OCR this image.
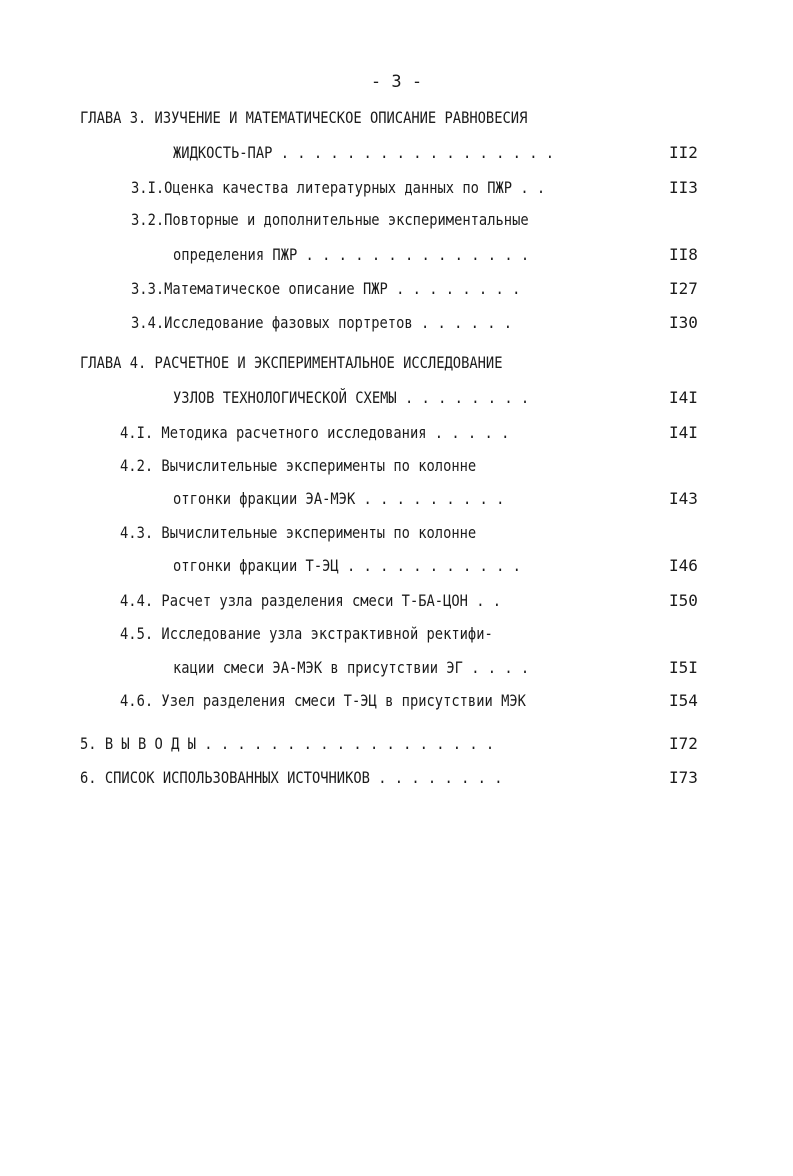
- 3 -
ГЛАВА 3. ИЗУЧЕНИЕ И МАТЕМАТИЧЕСКОЕ ОПИСАНИЕ РАВНОВЕСИЯ
ЖИДКОСТЬ-ПАР . . . . . . . . . . . . . . . . .	II2
3.I.Оценка качества литературных данных по ПЖР . .	II3
3.2.Повторные и дополнительные экспериментальные
определения ПЖР . . . . . . . . . . . . . .	II8
3.3.Математическое описание ПЖР . . . . . . . .	I27
3.4.Исследование фазовых портретов . . . . . .	I30
ГЛАВА 4. РАСЧЕТНОЕ И ЭКСПЕРИМЕНТАЛЬНОЕ ИССЛЕДОВАНИЕ
УЗЛОВ ТЕХНОЛОГИЧЕСКОЙ СХЕМЫ . . . . . . . .	I4I
4.I. Методика расчетного исследования . . . . .	I4I
4.2. Вычислительные эксперименты по колонне
отгонки фракции ЭА-МЭК . . . . . . . . .	I43
4.3. Вычислительные эксперименты по колонне
отгонки фракции Т-ЭЦ . . . . . . . . . . .	I46
4.4. Расчет узла разделения смеси Т-БА-ЦОН . .	I50
4.5. Исследование узла экстрактивной ректифи-
кации смеси ЭА-МЭК в присутствии ЭГ . . . .	I5I
4.6. Узел разделения смеси Т-ЭЦ в присутствии МЭК	I54
5. В Ы В О Д Ы . . . . . . . . . . . . . . . . . .	I72
6. СПИСОК ИСПОЛЬЗОВАННЫХ ИСТОЧНИКОВ . . . . . . . .	I73
